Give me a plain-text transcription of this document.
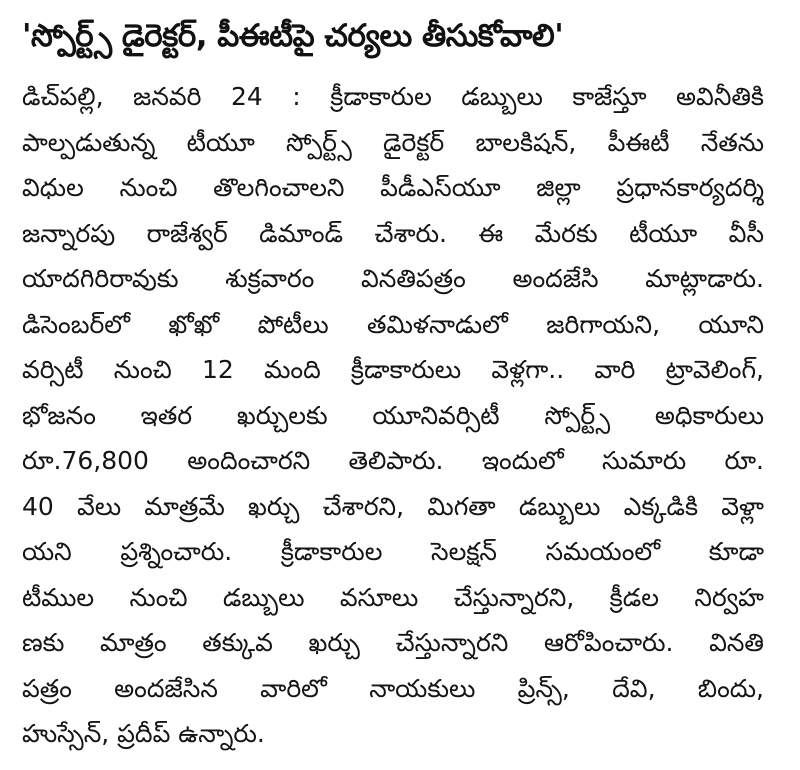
'స్పోర్ట్స్ డైరెక్టర్, పీఈటీపై చర్యలు తీసుకోవాలి'
డిచ్‌పల్లి, జనవరి 24 : క్రీడాకారుల డబ్బులు కాజేస్తూ అవినీతికి
పాల్పడుతున్న టీయూ స్పోర్ట్స్ డైరెక్టర్ బాలకిషన్, పీఈటీ నేతను
విధుల నుంచి తొలగించాలని పీడీఎస్‌యూ జిల్లా ప్రధానకార్యదర్శి
జన్నారపు రాజేశ్వర్ డిమాండ్ చేశారు. ఈ మేరకు టీయూ వీసీ
యాదగిరిరావుకు శుక్రవారం వినతిపత్రం అందజేసి మాట్లాడారు.
డిసెంబర్‌లో ఖోఖో పోటీలు తమిళనాడులో జరిగాయని, యూని
వర్సిటీ నుంచి 12 మంది క్రీడాకారులు వెళ్లగా.. వారి ట్రావెలింగ్,
భోజనం ఇతర ఖర్చులకు యూనివర్సిటీ స్పోర్ట్స్ అధికారులు
రూ.76,800 అందించారని తెలిపారు. ఇందులో సుమారు రూ.
40 వేలు మాత్రమే ఖర్చు చేశారని, మిగతా డబ్బులు ఎక్కడికి వెళ్లా
యని ప్రశ్నించారు. క్రీడాకారుల సెలక్షన్ సమయంలో కూడా
టీముల నుంచి డబ్బులు వసూలు చేస్తున్నారని, క్రీడల నిర్వహ
ణకు మాత్రం తక్కువ ఖర్చు చేస్తున్నారని ఆరోపించారు. వినతి
పత్రం అందజేసిన వారిలో నాయకులు ప్రిన్స్, దేవి, బిందు,
హుస్సేన్, ప్రదీప్ ఉన్నారు.
